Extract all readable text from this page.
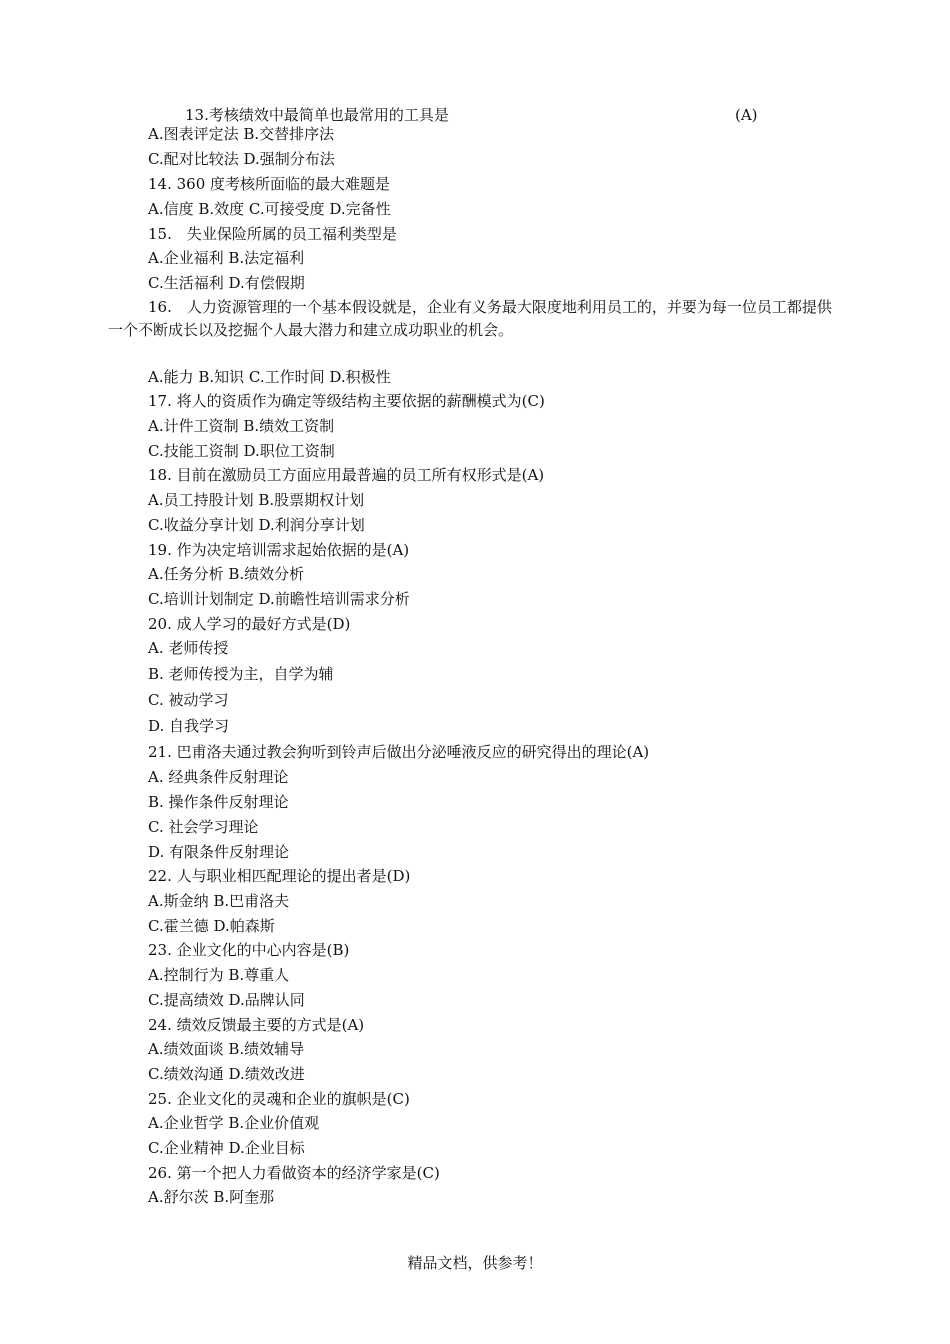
13.考核绩效中最简单也最常用的工具是	(A)
A.图表评定法 B.交替排序法
C.配对比较法 D.强制分布法
14. 360 度考核所面临的最大难题是
A.信度 B.效度 C.可接受度 D.完备性
15.　失业保险所属的员工福利类型是
A.企业福利 B.法定福利
C.生活福利 D.有偿假期
16.　人力资源管理的一个基本假设就是，企业有义务最大限度地利用员工的，并要为每一位员工都提供一个不断成长以及挖掘个人最大潜力和建立成功职业的机会。
A.能力 B.知识 C.工作时间 D.积极性
17. 将人的资质作为确定等级结构主要依据的薪酬模式为(C)
A.计件工资制 B.绩效工资制
C.技能工资制 D.职位工资制
18. 目前在激励员工方面应用最普遍的员工所有权形式是(A)
A.员工持股计划 B.股票期权计划
C.收益分享计划 D.利润分享计划
19. 作为决定培训需求起始依据的是(A)
A.任务分析 B.绩效分析
C.培训计划制定 D.前瞻性培训需求分析
20. 成人学习的最好方式是(D)
A. 老师传授
B. 老师传授为主，自学为辅
C. 被动学习
D. 自我学习
21. 巴甫洛夫通过教会狗听到铃声后做出分泌唾液反应的研究得出的理论(A)
A. 经典条件反射理论
B. 操作条件反射理论
C. 社会学习理论
D. 有限条件反射理论
22. 人与职业相匹配理论的提出者是(D)
A.斯金纳 B.巴甫洛夫
C.霍兰德 D.帕森斯
23. 企业文化的中心内容是(B)
A.控制行为 B.尊重人
C.提高绩效 D.品牌认同
24. 绩效反馈最主要的方式是(A)
A.绩效面谈 B.绩效辅导
C.绩效沟通 D.绩效改进
25. 企业文化的灵魂和企业的旗帜是(C)
A.企业哲学 B.企业价值观
C.企业精神 D.企业目标
26. 第一个把人力看做资本的经济学家是(C)
A.舒尔茨 B.阿奎那
精品文档，供参考！
